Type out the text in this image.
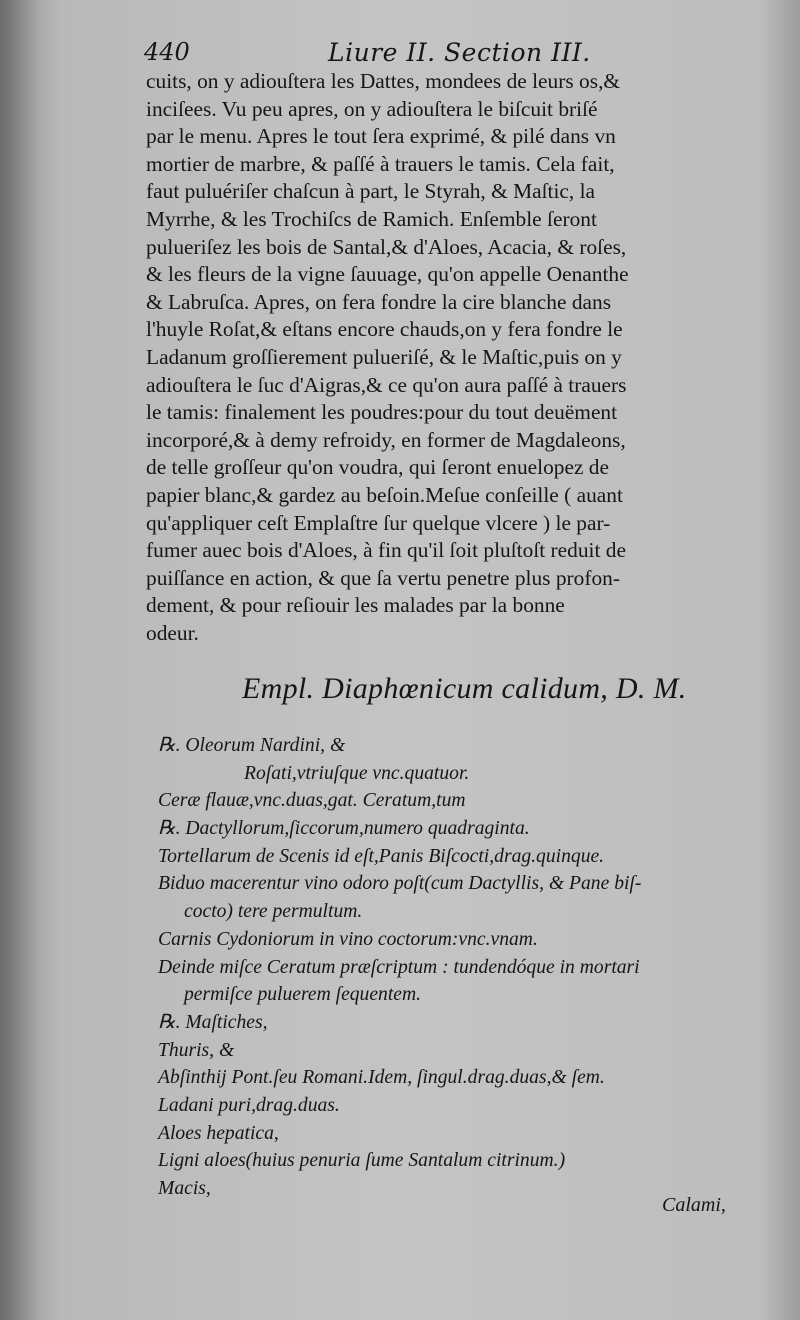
440	Liure II. Section III.
cuits, on y adiouſtera les Dattes, mondees de leurs os,&
inciſees. Vu peu apres, on y adiouſtera le biſcuit briſé
par le menu. Apres le tout ſera exprimé, & pilé dans vn
mortier de marbre, & paſſé à trauers le tamis. Cela fait,
faut puluériſer chaſcun à part, le Styrah, & Maſtic, la
Myrrhe, & les Trochiſcs de Ramich. Enſemble ſeront
pulueriſez les bois de Santal,& d'Aloes, Acacia, & roſes,
& les fleurs de la vigne ſauuage, qu'on appelle Oenanthe
& Labruſca. Apres, on fera fondre la cire blanche dans
l'huyle Roſat,& eſtans encore chauds,on y fera fondre le
Ladanum groſſierement pulueriſé, & le Maſtic,puis on y
adiouſtera le ſuc d'Aigras,& ce qu'on aura paſſé à trauers
le tamis: finalement les poudres:pour du tout deuëment
incorporé,& à demy refroidy, en former de Magdaleons,
de telle groſſeur qu'on voudra, qui ſeront enuelopez de
papier blanc,& gardez au beſoin.Meſue conſeille ( auant
qu'appliquer ceſt Emplaſtre ſur quelque vlcere ) le par-
fumer auec bois d'Aloes, à fin qu'il ſoit pluſtoſt reduit de
puiſſance en action, & que ſa vertu penetre plus profon-
dement, & pour reſiouir les malades par la bonne
odeur.
Empl. Diaphœnicum calidum, D. M.
℞. Oleorum Nardini, &
Roſati,vtriuſque vnc.quatuor.
Ceræ flauæ,vnc.duas,gat. Ceratum,tum
℞. Dactyllorum,ſiccorum,numero quadraginta.
Tortellarum de Scenis id eſt,Panis Biſcocti,drag.quinque.
Biduo macerentur vino odoro poſt(cum Dactyllis, & Pane biſ-
cocto) tere permultum.
Carnis Cydoniorum in vino coctorum:vnc.vnam.
Deinde miſce Ceratum præſcriptum : tundendóque in mortari
permiſce puluerem ſequentem.
℞. Maſtiches,
Thuris, &
Abſinthij Pont.ſeu Romani.Idem, ſingul.drag.duas,& ſem.
Ladani puri,drag.duas.
Aloes hepatica,
Ligni aloes(huius penuria ſume Santalum citrinum.)
Macis,
Calami,
